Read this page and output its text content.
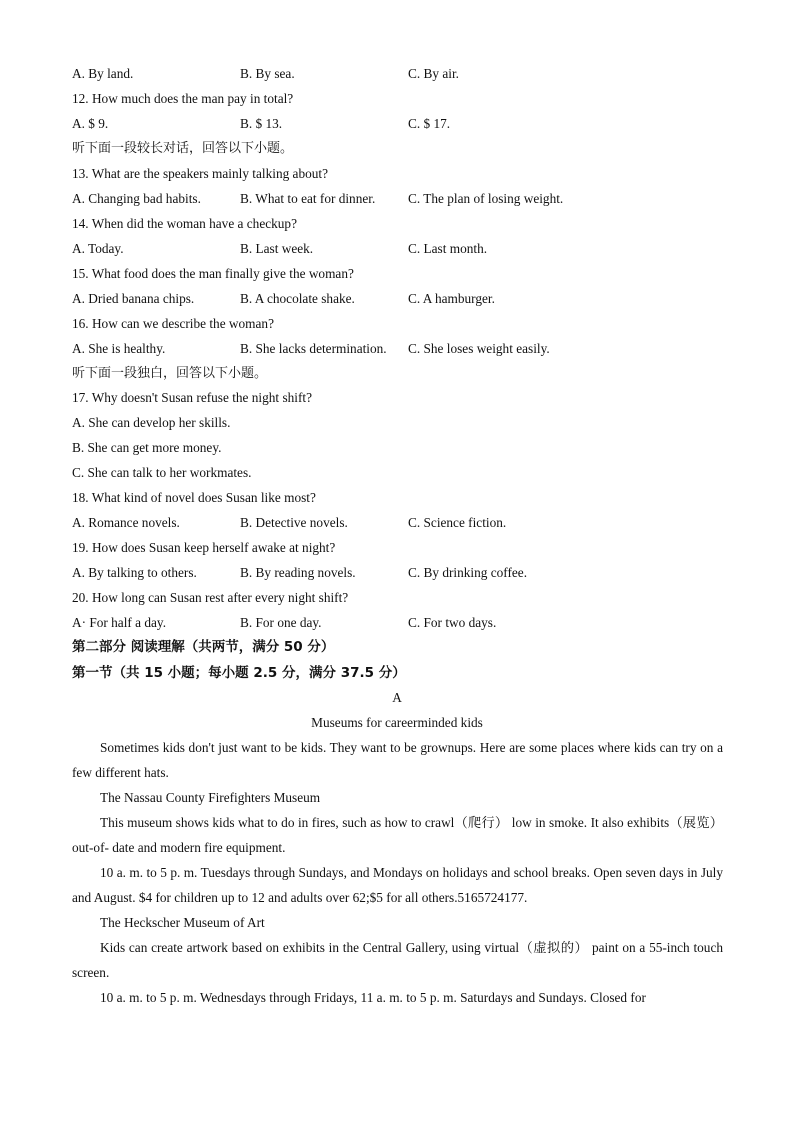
A. By land.	B. By sea.	C. By air.
12. How much does the man pay in total?
A. $ 9.	B. $ 13.	C. $ 17.
听下面一段较长对话，回答以下小题。
13. What are the speakers mainly talking about?
A. Changing bad habits.	B. What to eat for dinner. C. The plan of losing weight.
14. When did the woman have a checkup?
A. Today.	B. Last week.	C. Last month.
15. What food does the man finally give the woman?
A. Dried banana chips.	B. A chocolate shake.	C. A hamburger.
16. How can we describe the woman?
A. She is healthy.	B. She lacks determination. C. She loses weight easily.
听下面一段独白，回答以下小题。
17. Why doesn't Susan refuse the night shift?
A. She can develop her skills.
B. She can get more money.
C. She can talk to her workmates.
18. What kind of novel does Susan like most?
A. Romance novels.	B. Detective novels.	C. Science fiction.
19. How does Susan keep herself awake at night?
A. By talking to others.	B. By reading novels.	C. By drinking coffee.
20. How long can Susan rest after every night shift?
A· For half a day.	B. For one day.	C. For two days.
第二部分 阅读理解（共两节，满分 50 分）
第一节（共 15 小题；每小题 2.5 分，满分 37.5 分）
A
Museums for careerminded kids
Sometimes kids don't just want to be kids. They want to be grownups. Here are some places where kids can try on a few different hats.
The Nassau County Firefighters Museum
This museum shows kids what to do in fires, such as how to crawl（爬行） low in smoke. It also exhibits（展览） out-of- date and modern fire equipment.
10 a. m. to 5 p. m. Tuesdays through Sundays, and Mondays on holidays and school breaks. Open seven days in July and August. $4 for children up to 12 and adults over 62;$5 for all others.5165724177.
The Heckscher Museum of Art
Kids can create artwork based on exhibits in the Central Gallery, using virtual（虚拟的） paint on a 55-inch touch screen.
10 a. m. to 5 p. m. Wednesdays through Fridays, 11 a. m. to 5 p. m. Saturdays and Sundays. Closed for
